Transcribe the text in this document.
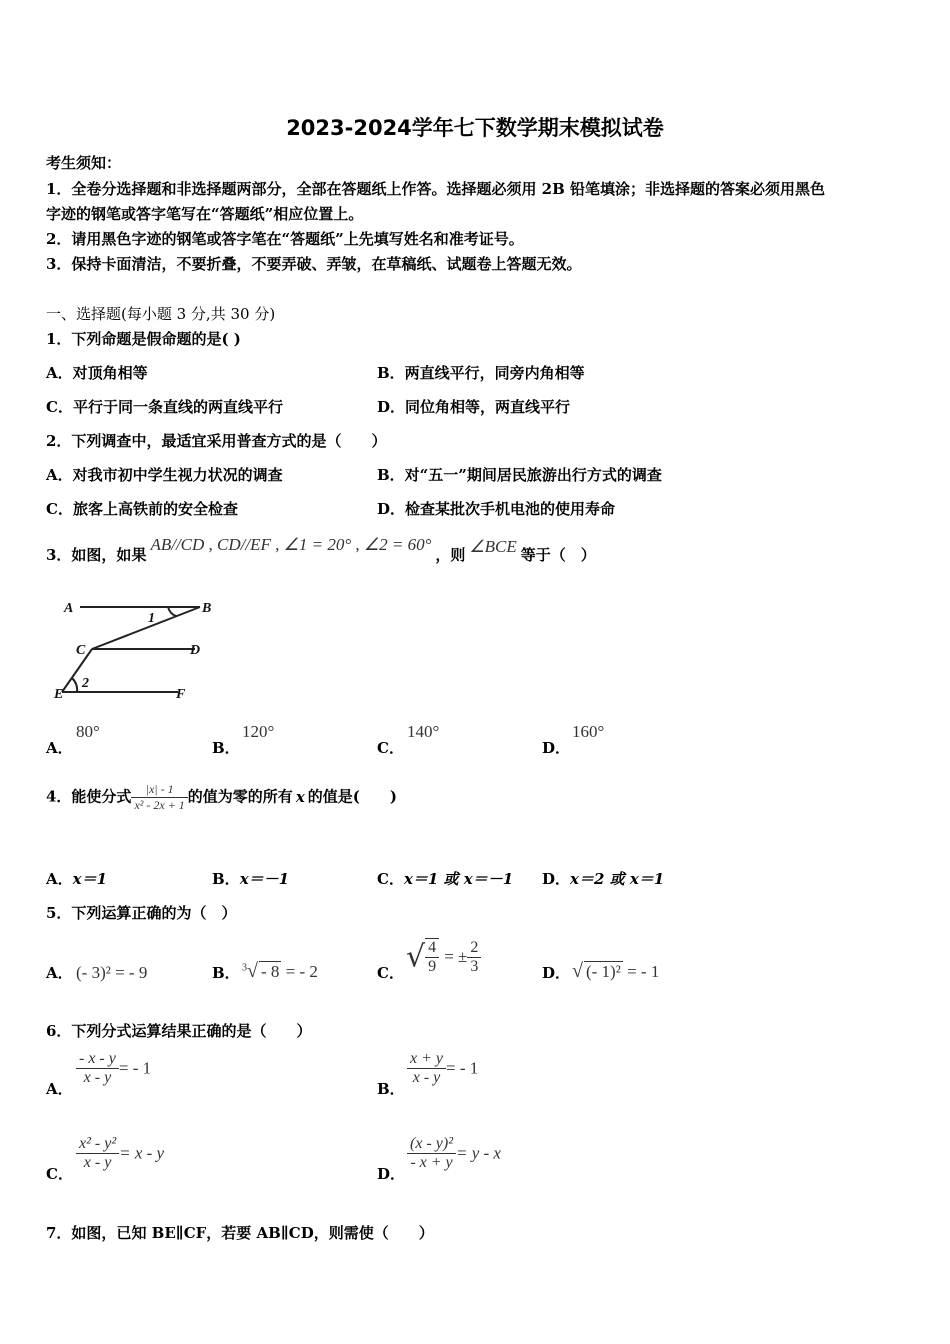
2023-2024学年七下数学期末模拟试卷
考生须知：
1．全卷分选择题和非选择题两部分，全部在答题纸上作答。选择题必须用 2B 铅笔填涂；非选择题的答案必须用黑色
字迹的钢笔或答字笔写在“答题纸”相应位置上。
2．请用黑色字迹的钢笔或答字笔在“答题纸”上先填写姓名和准考证号。
3．保持卡面清洁，不要折叠，不要弄破、弄皱，在草稿纸、试题卷上答题无效。
一、选择题(每小题 3 分,共 30 分)
1．下列命题是假命题的是( )
A．对顶角相等	B．两直线平行，同旁内角相等
C．平行于同一条直线的两直线平行	D．同位角相等，两直线平行
2．下列调查中，最适宜采用普查方式的是（　　）
A．对我市初中学生视力状况的调查	B．对“五一”期间居民旅游出行方式的调查
C．旅客上高铁前的安全检查	D．检查某批次手机电池的使用寿命
3．如图，如果AB//CD , CD//EF , ∠1 = 20° , ∠2 = 60°，则 ∠BCE 等于（　）
A	B
C	D
E	F
1
2
A．
80°
B．
120°
C．
140°
D．
160°
4．能使分式 $\frac{|x| - 1}{\text{x² - 2x + 1}}$ 的值为零的所有 x 的值是(　　)
A．x＝1	B．x＝－1	C．x＝1 或 x＝－1 D．x＝2 或 x＝1
5．下列运算正确的为（　）
A． (- 3)² = - 9	B． $^3$√ - 8 = - 2	C． √ $\frac{4}{9}$ = ± $\frac{2}{3}$	D． √ (- 1)² = - 1
6．下列分式运算结果正确的是（　　）
A．
$\frac{- x - y}{x - y}$ = - 1
B．
$\frac{x + y}{x - y}$ = - 1
C．
$\frac{\text{x² - y²}}{x - y} = x - y$
D．
$\frac{\text{(x - y)²}}{- x + y} = y - x$
7．如图，已知 BE∥CF，若要 AB∥CD，则需使（　　）
